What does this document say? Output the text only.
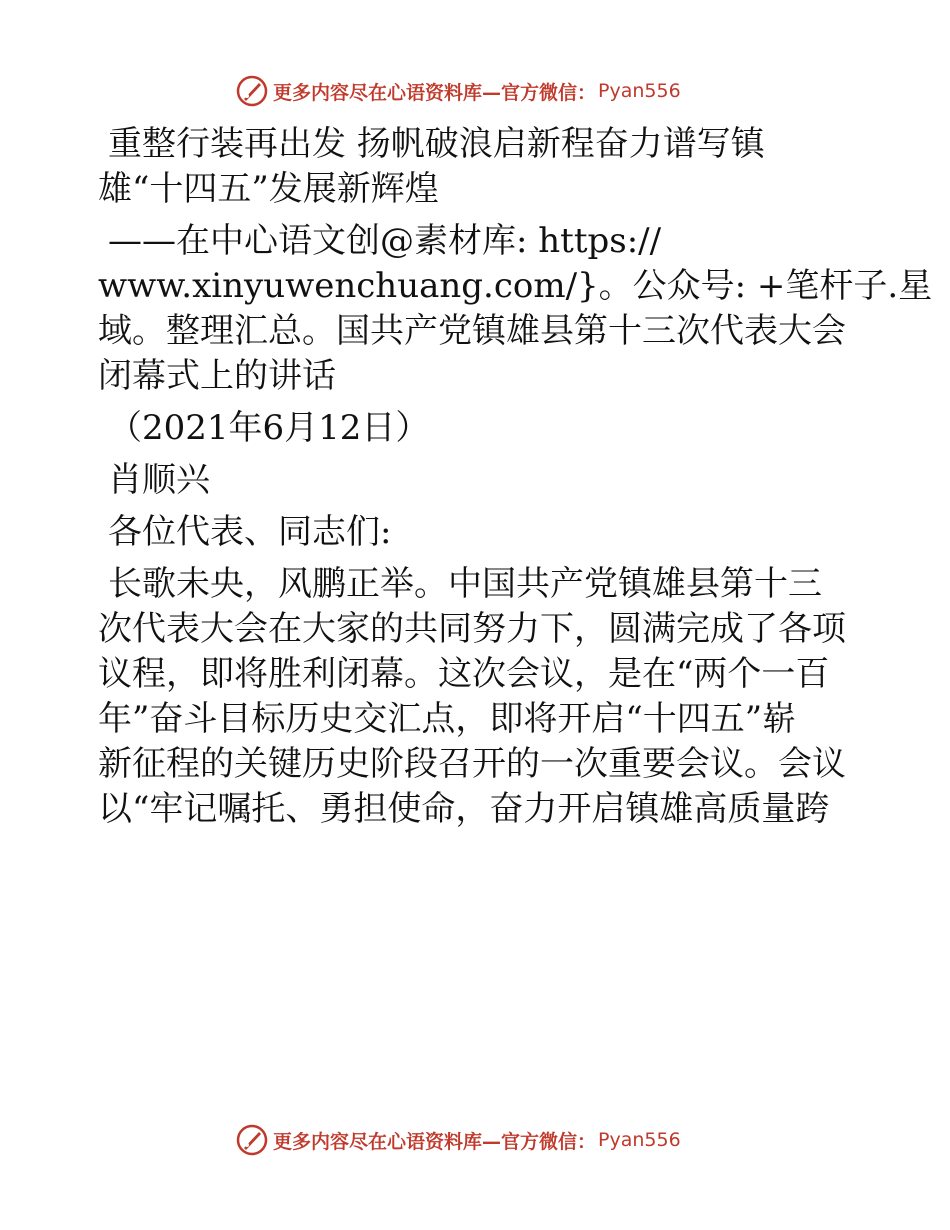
更多内容尽在心语资料库—官方微信： Pyan556
重整行装再出发 扬帆破浪启新程奋力谱写镇
雄“十四五”发展新辉煌
——在中心语文创@素材库: https://
www.xinyuwenchuang.com/}。公众号: +笔杆子.星
域。整理汇总。国共产党镇雄县第十三次代表大会
闭幕式上的讲话
（2021年6月12日）
肖顺兴
各位代表、同志们:
长歌未央，风鹏正举。中国共产党镇雄县第十三
次代表大会在大家的共同努力下，圆满完成了各项
议程，即将胜利闭幕。这次会议，是在“两个一百
年”奋斗目标历史交汇点，即将开启“十四五”崭
新征程的关键历史阶段召开的一次重要会议。会议
以“牢记嘱托、勇担使命，奋力开启镇雄高质量跨
更多内容尽在心语资料库—官方微信： Pyan556
